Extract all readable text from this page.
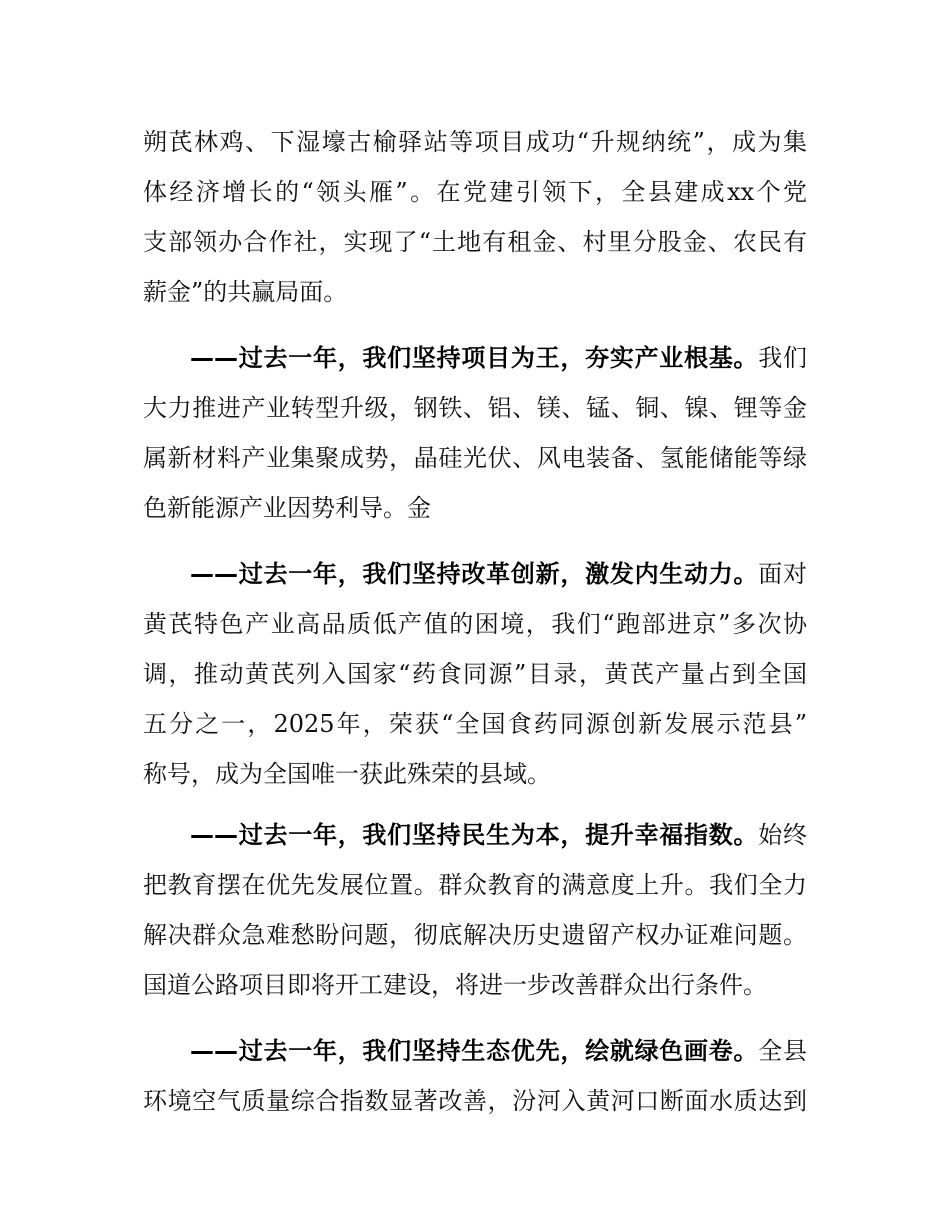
朔芪林鸡、下湿壕古榆驿站等项目成功“升规纳统”，成为集
体经济增长的“领头雁”。在党建引领下，全县建成xx个党
支部领办合作社，实现了“土地有租金、村里分股金、农民有
薪金”的共赢局面。
——过去一年，我们坚持项目为王，夯实产业根基。我们
大力推进产业转型升级，钢铁、铝、镁、锰、铜、镍、锂等金
属新材料产业集聚成势，晶硅光伏、风电装备、氢能储能等绿
色新能源产业因势利导。金
——过去一年，我们坚持改革创新，激发内生动力。面对
黄芪特色产业高品质低产值的困境，我们“跑部进京”多次协
调，推动黄芪列入国家“药食同源”目录，黄芪产量占到全国
五分之一，2025年，荣获“全国食药同源创新发展示范县”
称号，成为全国唯一获此殊荣的县域。
——过去一年，我们坚持民生为本，提升幸福指数。始终
把教育摆在优先发展位置。群众教育的满意度上升。我们全力
解决群众急难愁盼问题，彻底解决历史遗留产权办证难问题。
国道公路项目即将开工建设，将进一步改善群众出行条件。
——过去一年，我们坚持生态优先，绘就绿色画卷。全县
环境空气质量综合指数显著改善，汾河入黄河口断面水质达到
